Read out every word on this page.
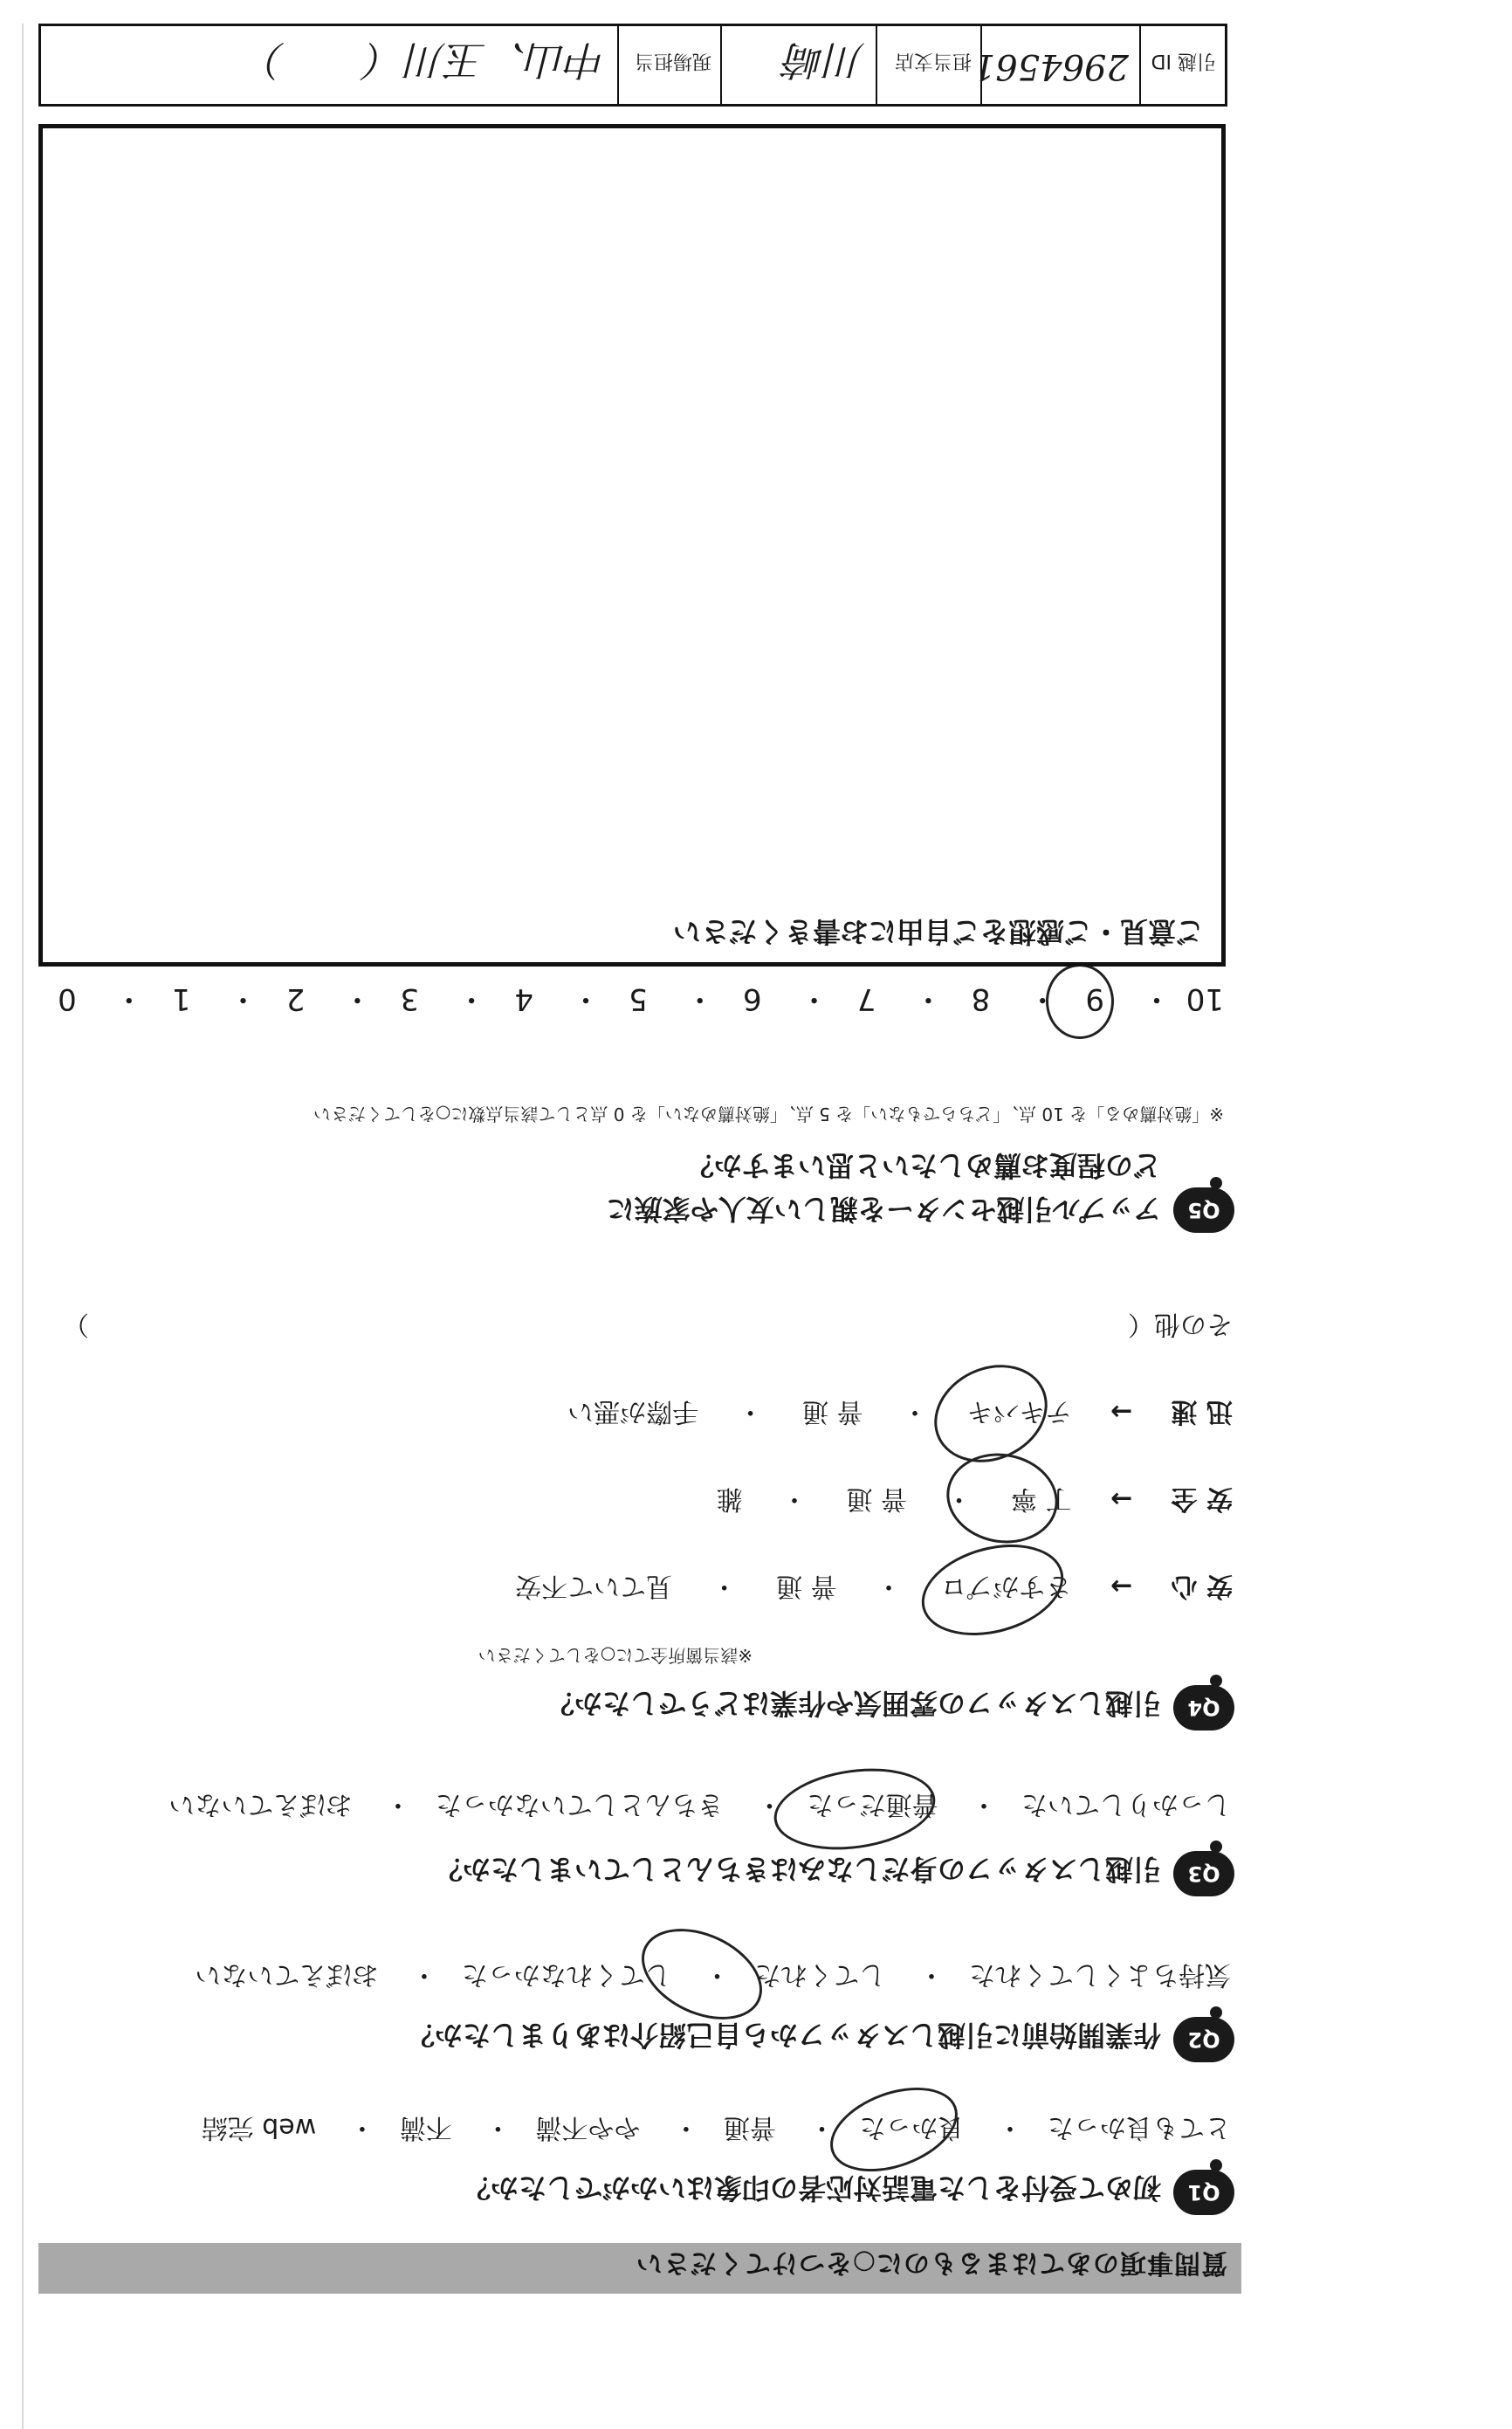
質問事項のあてはまるものに○をつけてください
Q1
初めて受付をした電話対応者の印象はいかがでしたか？
とても良かった・ 良かった・ 普通・ やや不満・ 不満・ web 完結
Q2
作業開始前に引越しスタッフから自己紹介はありましたか？
気持ちよくしてくれた・ してくれた・ してくれなかった・ おぼえていない
Q3
引越しスタッフの身だしなみはきちんとしていましたか？
しっかりしていた・ 普通だった・ きちんとしていなかった・ おぼえていない
Q4
引越しスタッフの雰囲気や作業はどうでしたか？
※該当箇所全てに○をしてください
安 心 → さすがプロ ・ 普 通 ・ 見ていて不安
安 全 → 丁 寧 ・ 普 通 ・ 雑
迅 速 → テキパキ ・ 普 通 ・ 手際が悪い
その他（
）
Q5
アップル引越センターを親しい友人や家族に
どの程度お薦めしたいと思いますか？
※「絶対薦める」を 10 点、「どちらでもない」を 5 点、「絶対薦めない」を 0 点として該当点数に○をしてください
10・ 9・ 8・ 7・ 6・ 5・ 4・ 3・ 2・ 1・ 0
ご意見・ご感想をご自由にお書きください
引越 ID
2964561
担当支店
川崎
現場担当
中山、玉川（　　）
